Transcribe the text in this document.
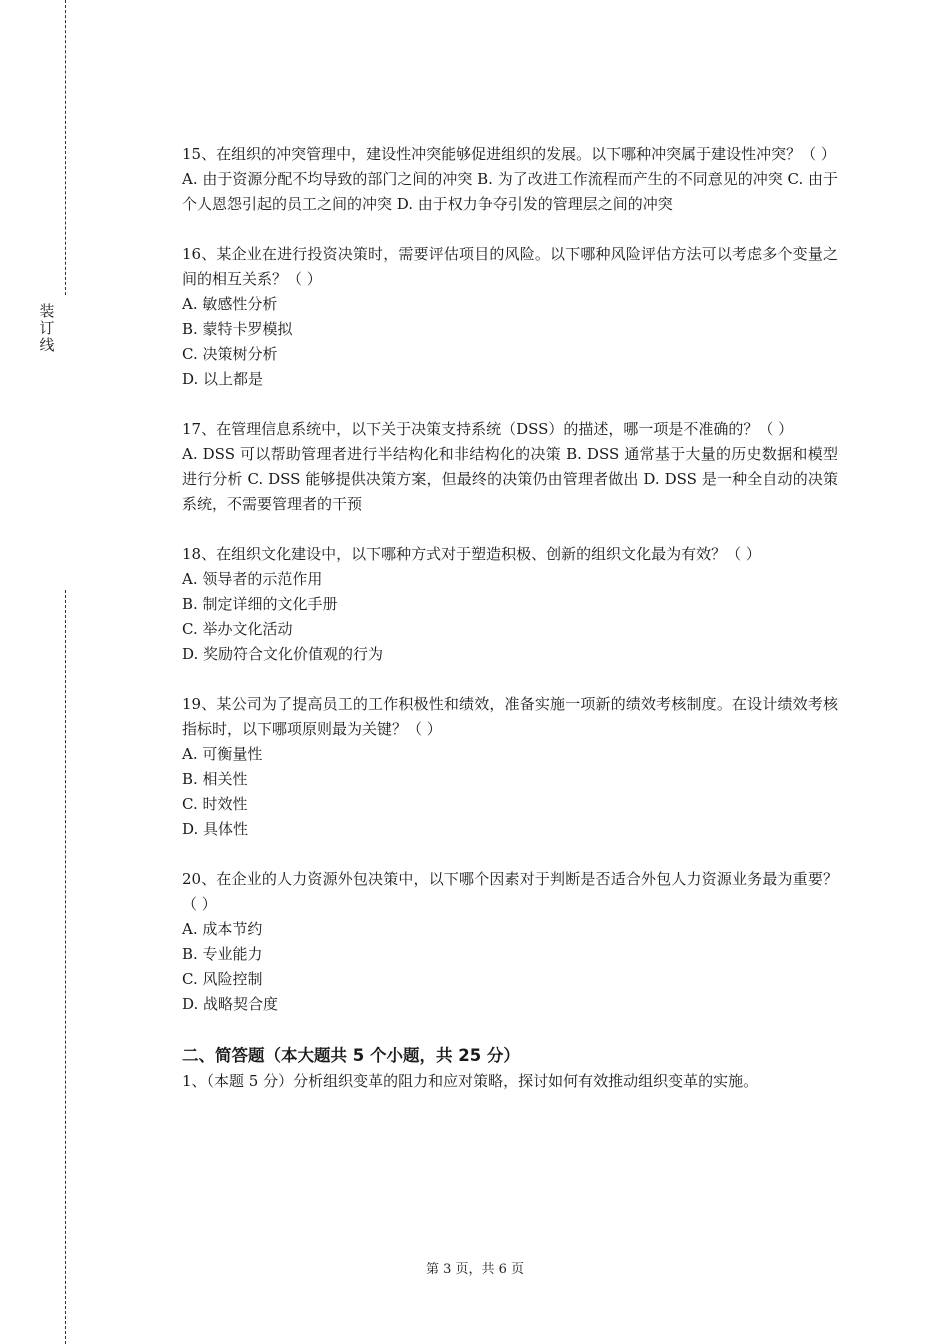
装
订
线

15、在组织的冲突管理中，建设性冲突能够促进组织的发展。以下哪种冲突属于建设性冲突？（ ）

A. 由于资源分配不均导致的部门之间的冲突 B. 为了改进工作流程而产生的不同意见的冲突 C. 由于个人恩怨引起的员工之间的冲突 D. 由于权力争夺引发的管理层之间的冲突

16、某企业在进行投资决策时，需要评估项目的风险。以下哪种风险评估方法可以考虑多个变量之间的相互关系？（ ）

A. 敏感性分析

B. 蒙特卡罗模拟

C. 决策树分析

D. 以上都是

17、在管理信息系统中，以下关于决策支持系统（DSS）的描述，哪一项是不准确的？（ ）

A. DSS 可以帮助管理者进行半结构化和非结构化的决策 B. DSS 通常基于大量的历史数据和模型进行分析 C. DSS 能够提供决策方案，但最终的决策仍由管理者做出 D. DSS 是一种全自动的决策系统，不需要管理者的干预

18、在组织文化建设中，以下哪种方式对于塑造积极、创新的组织文化最为有效？（ ）

A. 领导者的示范作用

B. 制定详细的文化手册

C. 举办文化活动

D. 奖励符合文化价值观的行为

19、某公司为了提高员工的工作积极性和绩效，准备实施一项新的绩效考核制度。在设计绩效考核指标时，以下哪项原则最为关键？（ ）

A. 可衡量性

B. 相关性

C. 时效性

D. 具体性

20、在企业的人力资源外包决策中，以下哪个因素对于判断是否适合外包人力资源业务最为重要？（ ）

A. 成本节约

B. 专业能力

C. 风险控制

D. 战略契合度

二、简答题（本大题共 5 个小题，共 25 分）

1、（本题 5 分）分析组织变革的阻力和应对策略，探讨如何有效推动组织变革的实施。

第 3 页，共 6 页
